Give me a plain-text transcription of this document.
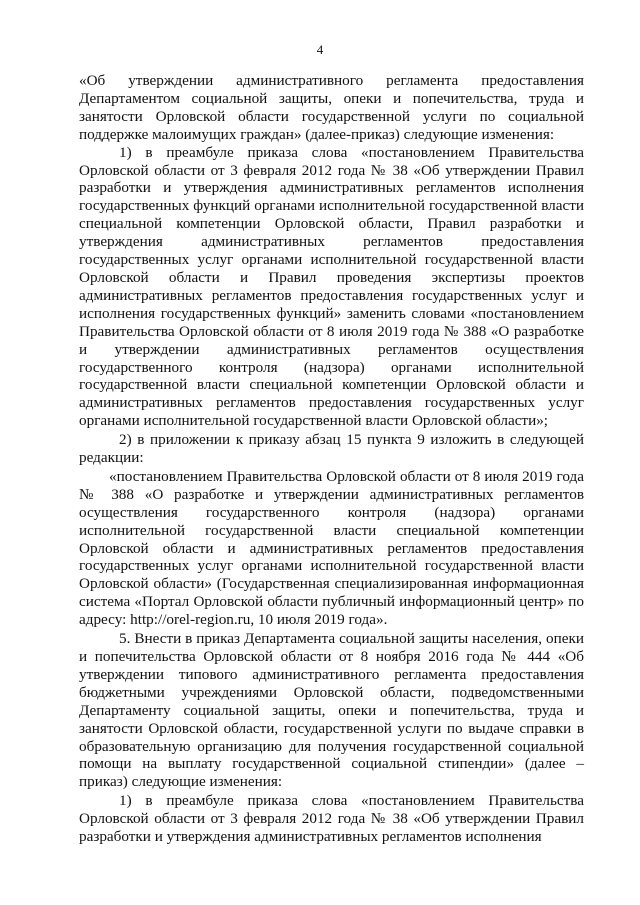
4

«Об утверждении административного регламента предоставления Департаментом социальной защиты, опеки и попечительства, труда и занятости Орловской области государственной услуги по социальной поддержке малоимущих граждан» (далее-приказ) следующие изменения:

1) в преамбуле приказа слова «постановлением Правительства Орловской области от 3 февраля 2012 года № 38 «Об утверждении Правил разработки и утверждения административных регламентов исполнения государственных функций органами исполнительной государственной власти специальной компетенции Орловской области, Правил разработки и утверждения административных регламентов предоставления государственных услуг органами исполнительной государственной власти Орловской области и Правил проведения экспертизы проектов административных регламентов предоставления государственных услуг и исполнения государственных функций» заменить словами «постановлением Правительства Орловской области от 8 июля 2019 года № 388 «О разработке и утверждении административных регламентов осуществления государственного контроля (надзора) органами исполнительной государственной власти специальной компетенции Орловской области и административных регламентов предоставления государственных услуг органами исполнительной государственной власти Орловской области»;

2) в приложении к приказу абзац 15 пункта 9 изложить в следующей редакции:

«постановлением Правительства Орловской области от 8 июля 2019 года № 388 «О разработке и утверждении административных регламентов осуществления государственного контроля (надзора) органами исполнительной государственной власти специальной компетенции Орловской области и административных регламентов предоставления государственных услуг органами исполнительной государственной власти Орловской области» (Государственная специализированная информационная система «Портал Орловской области публичный информационный центр» по адресу: http://orel-region.ru, 10 июля 2019 года».

5. Внести в приказ Департамента социальной защиты населения, опеки и попечительства Орловской области от 8 ноября 2016 года № 444 «Об утверждении типового административного регламента предоставления бюджетными учреждениями Орловской области, подведомственными Департаменту социальной защиты, опеки и попечительства, труда и занятости Орловской области, государственной услуги по выдаче справки в образовательную организацию для получения государственной социальной помощи на выплату государственной социальной стипендии» (далее – приказ) следующие изменения:

1) в преамбуле приказа слова «постановлением Правительства Орловской области от 3 февраля 2012 года № 38 «Об утверждении Правил разработки и утверждения административных регламентов исполнения
